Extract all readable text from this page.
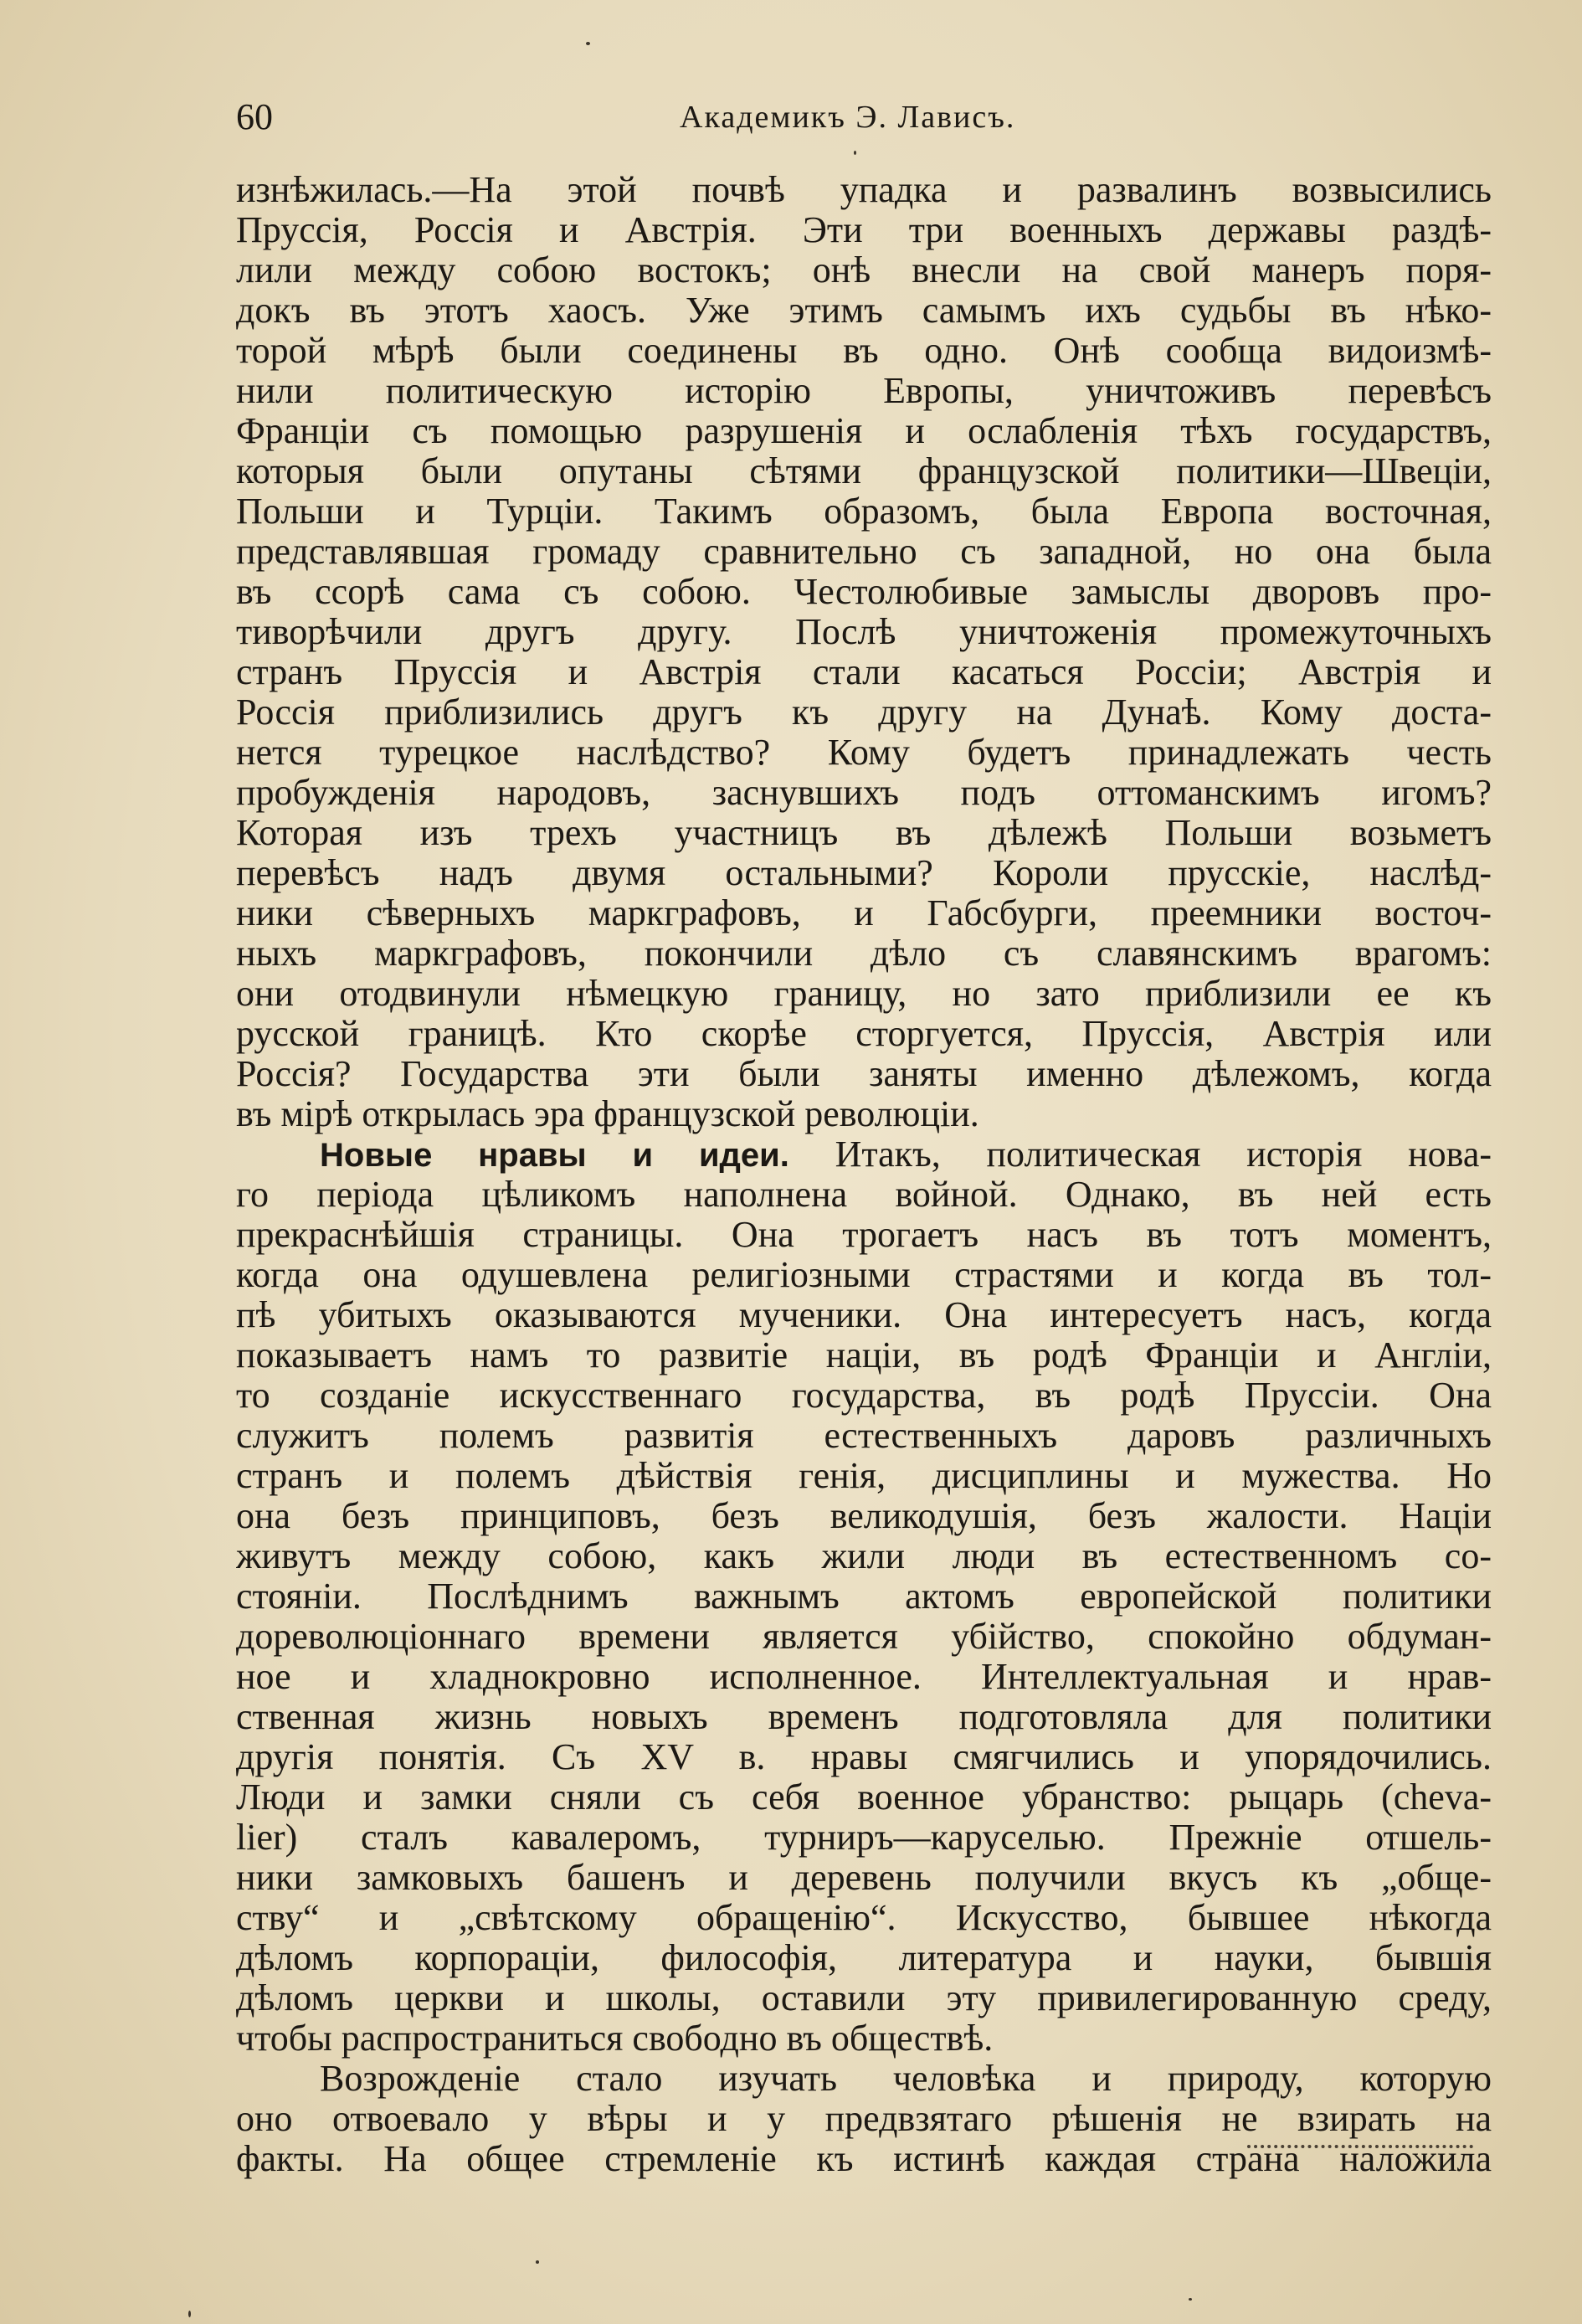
60	Академикъ Э. Лависъ.
изнѣжилась.—На этой почвѣ упадка и развалинъ возвысились
Пруссія, Россія и Австрія. Эти три военныхъ державы раздѣ-
лили между собою востокъ; онѣ внесли на свой манеръ поря-
докъ въ этотъ хаосъ. Уже этимъ самымъ ихъ судьбы въ нѣко-
торой мѣрѣ были соединены въ одно. Онѣ сообща видоизмѣ-
нили политическую исторію Европы, уничтоживъ перевѣсъ
Франціи съ помощью разрушенія и ослабленія тѣхъ государствъ,
которыя были опутаны сѣтями французской политики—Швеціи,
Польши и Турціи. Такимъ образомъ, была Европа восточная,
представлявшая громаду сравнительно съ западной, но она была
въ ссорѣ сама съ собою. Честолюбивые замыслы дворовъ про-
тиворѣчили другъ другу. Послѣ уничтоженія промежуточныхъ
странъ Пруссія и Австрія стали касаться Россіи; Австрія и
Россія приблизились другъ къ другу на Дунаѣ. Кому доста-
нется турецкое наслѣдство? Кому будетъ принадлежать честь
пробужденія народовъ, заснувшихъ подъ оттоманскимъ игомъ?
Которая изъ трехъ участницъ въ дѣлежѣ Польши возьметъ
перевѣсъ надъ двумя остальными? Короли прусскіе, наслѣд-
ники сѣверныхъ маркграфовъ, и Габсбурги, преемники восточ-
ныхъ маркграфовъ, покончили дѣло съ славянскимъ врагомъ:
они отодвинули нѣмецкую границу, но зато приблизили ее къ
русской границѣ. Кто скорѣе сторгуется, Пруссія, Австрія или
Россія? Государства эти были заняты именно дѣлежомъ, когда
въ мірѣ открылась эра французской революціи.
Новые нравы и идеи. Итакъ, политическая исторія нова-
го періода цѣликомъ наполнена войной. Однако, въ ней есть
прекраснѣйшія страницы. Она трогаетъ насъ въ тотъ моментъ,
когда она одушевлена религіозными страстями и когда въ тол-
пѣ убитыхъ оказываются мученики. Она интересуетъ насъ, когда
показываетъ намъ то развитіе націи, въ родѣ Франціи и Англіи,
то созданіе искусственнаго государства, въ родѣ Пруссіи. Она
служитъ полемъ развитія естественныхъ даровъ различныхъ
странъ и полемъ дѣйствія генія, дисциплины и мужества. Но
она безъ принциповъ, безъ великодушія, безъ жалости. Націи
живутъ между собою, какъ жили люди въ естественномъ со-
стояніи. Послѣднимъ важнымъ актомъ европейской политики
дореволюціоннаго времени является убійство, спокойно обдуман-
ное и хладнокровно исполненное. Интеллектуальная и нрав-
ственная жизнь новыхъ временъ подготовляла для политики
другія понятія. Съ XV в. нравы смягчились и упорядочились.
Люди и замки сняли съ себя военное убранство: рыцарь (cheva-
lier) сталъ кавалеромъ, турниръ—каруселью. Прежніе отшель-
ники замковыхъ башенъ и деревень получили вкусъ къ „обще-
ству“ и „свѣтскому обращенію“. Искусство, бывшее нѣкогда
дѣломъ корпораціи, философія, литература и науки, бывшія
дѣломъ церкви и школы, оставили эту привилегированную среду,
чтобы распространиться свободно въ обществѣ.
Возрожденіе стало изучать человѣка и природу, которую
оно отвоевало у вѣры и у предвзятаго рѣшенія не взирать на
факты. На общее стремленіе къ истинѣ каждая страна наложила
